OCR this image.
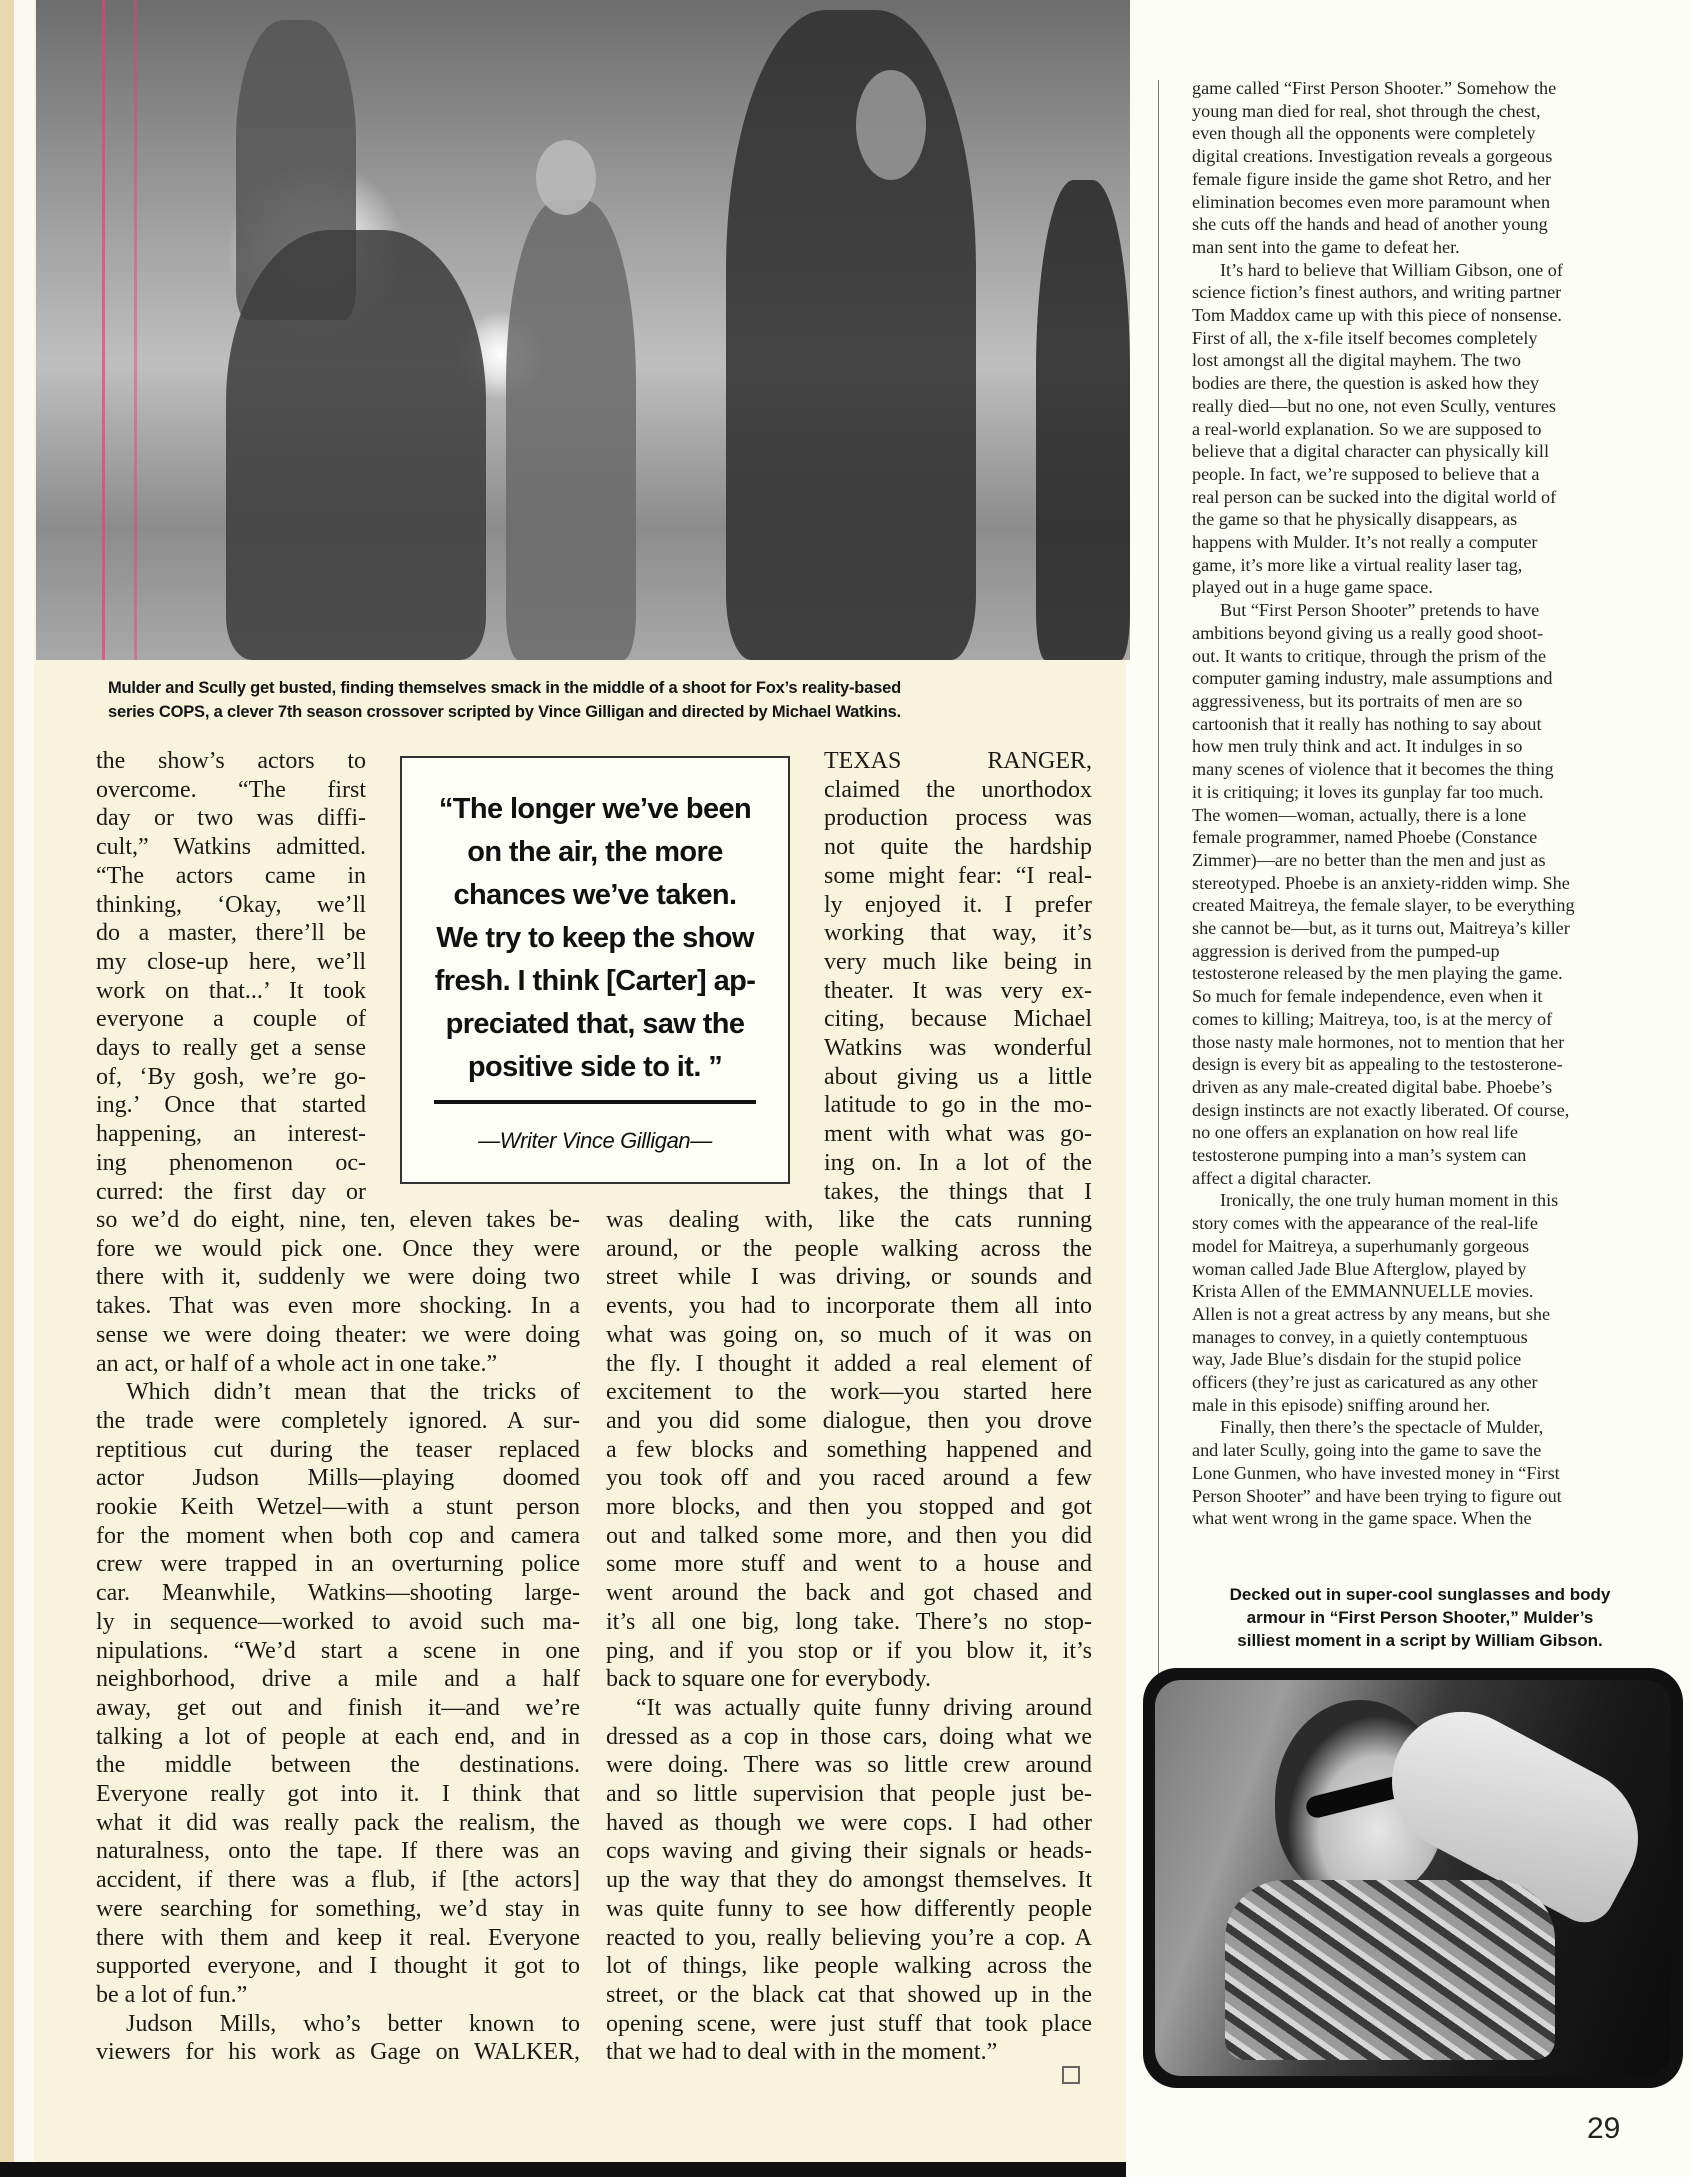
Mulder and Scully get busted, finding themselves smack in the middle of a shoot for Fox’s reality-based
series COPS, a clever 7th season crossover scripted by Vince Gilligan and directed by Michael Watkins.
the show’s actors to
overcome. “The first
day or two was diffi-
cult,” Watkins admitted.
“The actors came in
thinking, ‘Okay, we’ll
do a master, there’ll be
my close-up here, we’ll
work on that...’ It took
everyone a couple of
days to really get a sense
of, ‘By gosh, we’re go-
ing.’ Once that started
happening, an interest-
ing phenomenon oc-
curred: the first day or
so we’d do eight, nine, ten, eleven takes be-
fore we would pick one. Once they were
there with it, suddenly we were doing two
takes. That was even more shocking. In a
sense we were doing theater: we were doing
an act, or half of a whole act in one take.”
Which didn’t mean that the tricks of
the trade were completely ignored. A sur-
reptitious cut during the teaser replaced
actor Judson Mills—playing doomed
rookie Keith Wetzel—with a stunt person
for the moment when both cop and camera
crew were trapped in an overturning police
car. Meanwhile, Watkins—shooting large-
ly in sequence—worked to avoid such ma-
nipulations. “We’d start a scene in one
neighborhood, drive a mile and a half
away, get out and finish it—and we’re
talking a lot of people at each end, and in
the middle between the destinations.
Everyone really got into it. I think that
what it did was really pack the realism, the
naturalness, onto the tape. If there was an
accident, if there was a flub, if [the actors]
were searching for something, we’d stay in
there with them and keep it real. Everyone
supported everyone, and I thought it got to
be a lot of fun.”
Judson Mills, who’s better known to
viewers for his work as Gage on WALKER,
“The longer we’ve been
on the air, the more
chances we’ve taken.
We try to keep the show
fresh. I think [Carter] ap-
preciated that, saw the
positive side to it. ”
—Writer Vince Gilligan—
TEXAS RANGER,
claimed the unorthodox
production process was
not quite the hardship
some might fear: “I real-
ly enjoyed it. I prefer
working that way, it’s
very much like being in
theater. It was very ex-
citing, because Michael
Watkins was wonderful
about giving us a little
latitude to go in the mo-
ment with what was go-
ing on. In a lot of the
takes, the things that I
was dealing with, like the cats running
around, or the people walking across the
street while I was driving, or sounds and
events, you had to incorporate them all into
what was going on, so much of it was on
the fly. I thought it added a real element of
excitement to the work—you started here
and you did some dialogue, then you drove
a few blocks and something happened and
you took off and you raced around a few
more blocks, and then you stopped and got
out and talked some more, and then you did
some more stuff and went to a house and
went around the back and got chased and
it’s all one big, long take. There’s no stop-
ping, and if you stop or if you blow it, it’s
back to square one for everybody.
“It was actually quite funny driving around
dressed as a cop in those cars, doing what we
were doing. There was so little crew around
and so little supervision that people just be-
haved as though we were cops. I had other
cops waving and giving their signals or heads-
up the way that they do amongst themselves. It
was quite funny to see how differently people
reacted to you, really believing you’re a cop. A
lot of things, like people walking across the
street, or the black cat that showed up in the
opening scene, were just stuff that took place
that we had to deal with in the moment.”
game called “First Person Shooter.” Somehow the
young man died for real, shot through the chest,
even though all the opponents were completely
digital creations. Investigation reveals a gorgeous
female figure inside the game shot Retro, and her
elimination becomes even more paramount when
she cuts off the hands and head of another young
man sent into the game to defeat her.
It’s hard to believe that William Gibson, one of
science fiction’s finest authors, and writing partner
Tom Maddox came up with this piece of nonsense.
First of all, the x-file itself becomes completely
lost amongst all the digital mayhem. The two
bodies are there, the question is asked how they
really died—but no one, not even Scully, ventures
a real-world explanation. So we are supposed to
believe that a digital character can physically kill
people. In fact, we’re supposed to believe that a
real person can be sucked into the digital world of
the game so that he physically disappears, as
happens with Mulder. It’s not really a computer
game, it’s more like a virtual reality laser tag,
played out in a huge game space.
But “First Person Shooter” pretends to have
ambitions beyond giving us a really good shoot-
out. It wants to critique, through the prism of the
computer gaming industry, male assumptions and
aggressiveness, but its portraits of men are so
cartoonish that it really has nothing to say about
how men truly think and act. It indulges in so
many scenes of violence that it becomes the thing
it is critiquing; it loves its gunplay far too much.
The women—woman, actually, there is a lone
female programmer, named Phoebe (Constance
Zimmer)—are no better than the men and just as
stereotyped. Phoebe is an anxiety-ridden wimp. She
created Maitreya, the female slayer, to be everything
she cannot be—but, as it turns out, Maitreya’s killer
aggression is derived from the pumped-up
testosterone released by the men playing the game.
So much for female independence, even when it
comes to killing; Maitreya, too, is at the mercy of
those nasty male hormones, not to mention that her
design is every bit as appealing to the testosterone-
driven as any male-created digital babe. Phoebe’s
design instincts are not exactly liberated. Of course,
no one offers an explanation on how real life
testosterone pumping into a man’s system can
affect a digital character.
Ironically, the one truly human moment in this
story comes with the appearance of the real-life
model for Maitreya, a superhumanly gorgeous
woman called Jade Blue Afterglow, played by
Krista Allen of the EMMANNUELLE movies.
Allen is not a great actress by any means, but she
manages to convey, in a quietly contemptuous
way, Jade Blue’s disdain for the stupid police
officers (they’re just as caricatured as any other
male in this episode) sniffing around her.
Finally, then there’s the spectacle of Mulder,
and later Scully, going into the game to save the
Lone Gunmen, who have invested money in “First
Person Shooter” and have been trying to figure out
what went wrong in the game space. When the
Decked out in super-cool sunglasses and body
armour in “First Person Shooter,” Mulder’s
silliest moment in a script by William Gibson.
29
